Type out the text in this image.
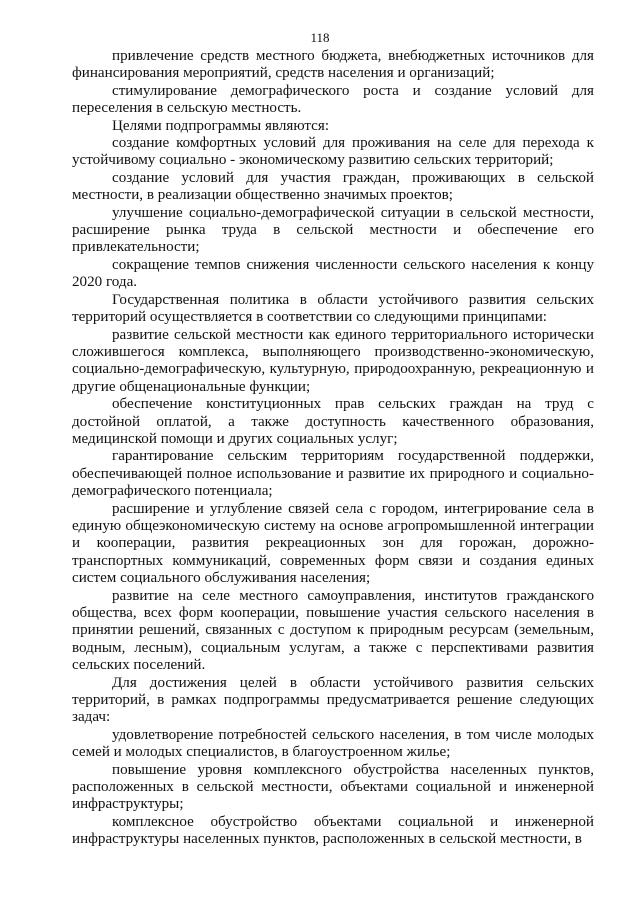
118

привлечение средств местного бюджета, внебюджетных источников для финансирования мероприятий, средств населения и организаций;

стимулирование демографического роста и создание условий для переселения в сельскую местность.

Целями подпрограммы являются:

создание комфортных условий для проживания на селе для перехода к устойчивому социально - экономическому развитию сельских территорий;

создание условий для участия граждан, проживающих в сельской местности, в реализации общественно значимых проектов;

улучшение социально-демографической ситуации в сельской местности, расширение рынка труда в сельской местности и обеспечение его привлекательности;

сокращение темпов снижения численности сельского населения к концу 2020 года.

Государственная политика в области устойчивого развития сельских территорий осуществляется в соответствии со следующими принципами:

развитие сельской местности как единого территориального исторически сложившегося комплекса, выполняющего производственно-экономическую, социально-демографическую, культурную, природоохранную, рекреационную и другие общенациональные функции;

обеспечение конституционных прав сельских граждан на труд с достойной оплатой, а также доступность качественного образования, медицинской помощи и других социальных услуг;

гарантирование сельским территориям государственной поддержки, обеспечивающей полное использование и развитие их природного и социально-демографического потенциала;

расширение и углубление связей села с городом, интегрирование села в единую общеэкономическую систему на основе агропромышленной интеграции и кооперации, развития рекреационных зон для горожан, дорожно-транспортных коммуникаций, современных форм связи и создания единых систем социального обслуживания населения;

развитие на селе местного самоуправления, институтов гражданского общества, всех форм кооперации, повышение участия сельского населения в принятии решений, связанных с доступом к природным ресурсам (земельным, водным, лесным), социальным услугам, а также с перспективами развития сельских поселений.

Для достижения целей в области устойчивого развития сельских территорий, в рамках подпрограммы предусматривается решение следующих задач:

удовлетворение потребностей сельского населения, в том числе молодых семей и молодых специалистов, в благоустроенном жилье;

повышение уровня комплексного обустройства населенных пунктов, расположенных в сельской местности, объектами социальной и инженерной инфраструктуры;

комплексное обустройство объектами социальной и инженерной инфраструктуры населенных пунктов, расположенных в сельской местности, в
